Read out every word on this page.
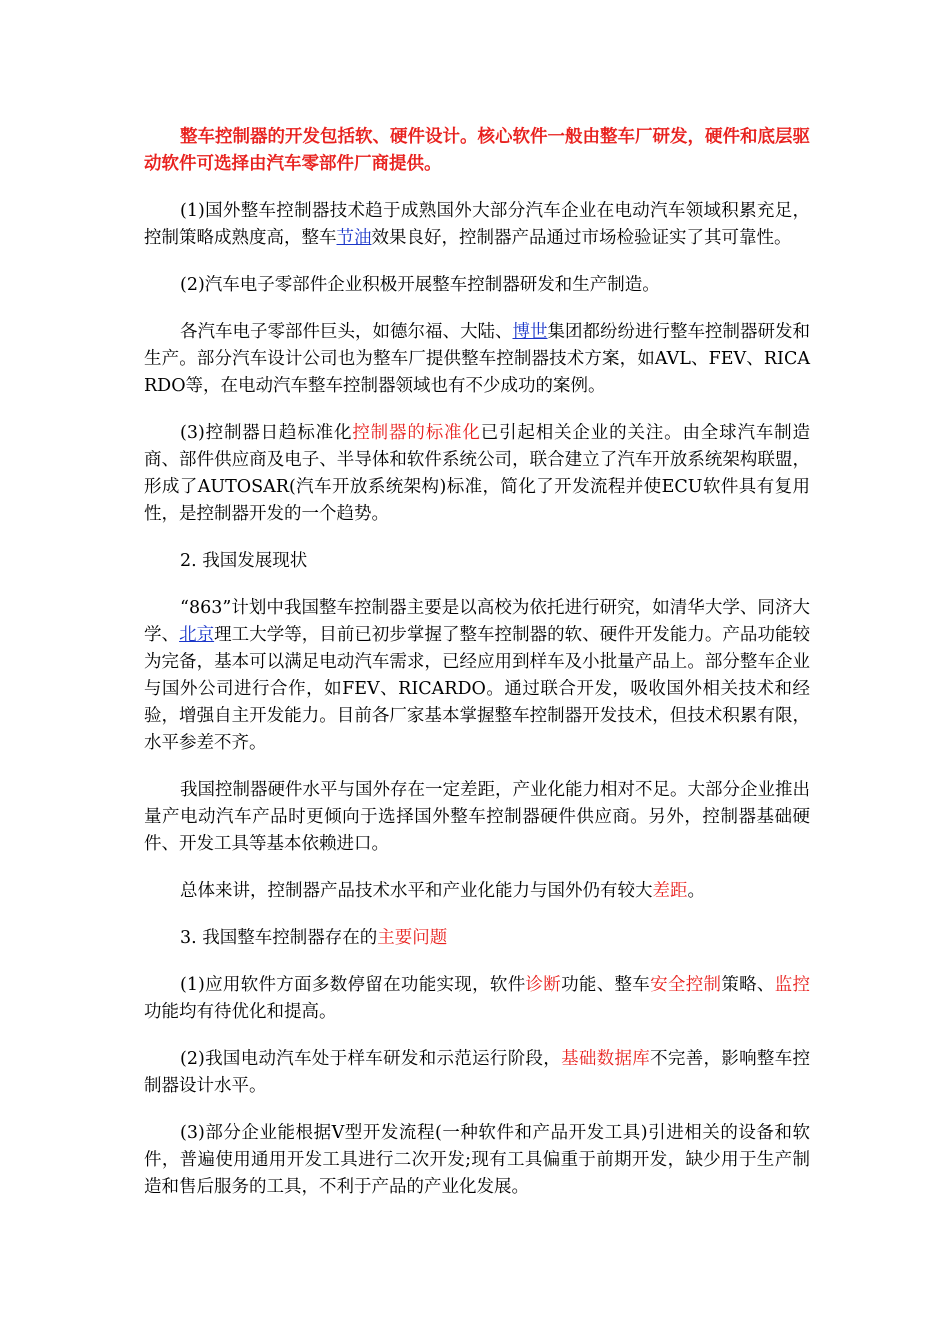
整车控制器的开发包括软、硬件设计。核心软件一般由整车厂研发，硬件和底层驱动软件可选择由汽车零部件厂商提供。

(1)国外整车控制器技术趋于成熟国外大部分汽车企业在电动汽车领域积累充足，控制策略成熟度高，整车节油效果良好，控制器产品通过市场检验证实了其可靠性。

(2)汽车电子零部件企业积极开展整车控制器研发和生产制造。

各汽车电子零部件巨头，如德尔福、大陆、博世集团都纷纷进行整车控制器研发和生产。部分汽车设计公司也为整车厂提供整车控制器技术方案，如AVL、FEV、RICARDO等，在电动汽车整车控制器领域也有不少成功的案例。

(3)控制器日趋标准化控制器的标准化已引起相关企业的关注。由全球汽车制造商、部件供应商及电子、半导体和软件系统公司，联合建立了汽车开放系统架构联盟，形成了AUTOSAR(汽车开放系统架构)标准，简化了开发流程并使ECU软件具有复用性，是控制器开发的一个趋势。

2. 我国发展现状

“863”计划中我国整车控制器主要是以高校为依托进行研究，如清华大学、同济大学、北京理工大学等，目前已初步掌握了整车控制器的软、硬件开发能力。产品功能较为完备，基本可以满足电动汽车需求，已经应用到样车及小批量产品上。部分整车企业与国外公司进行合作，如FEV、RICARDO。通过联合开发，吸收国外相关技术和经验，增强自主开发能力。目前各厂家基本掌握整车控制器开发技术，但技术积累有限，水平参差不齐。

我国控制器硬件水平与国外存在一定差距，产业化能力相对不足。大部分企业推出量产电动汽车产品时更倾向于选择国外整车控制器硬件供应商。另外，控制器基础硬件、开发工具等基本依赖进口。

总体来讲，控制器产品技术水平和产业化能力与国外仍有较大差距。

3. 我国整车控制器存在的主要问题

(1)应用软件方面多数停留在功能实现，软件诊断功能、整车安全控制策略、监控功能均有待优化和提高。

(2)我国电动汽车处于样车研发和示范运行阶段，基础数据库不完善，影响整车控制器设计水平。

(3)部分企业能根据V型开发流程(一种软件和产品开发工具)引进相关的设备和软件，普遍使用通用开发工具进行二次开发;现有工具偏重于前期开发，缺少用于生产制造和售后服务的工具，不利于产品的产业化发展。
